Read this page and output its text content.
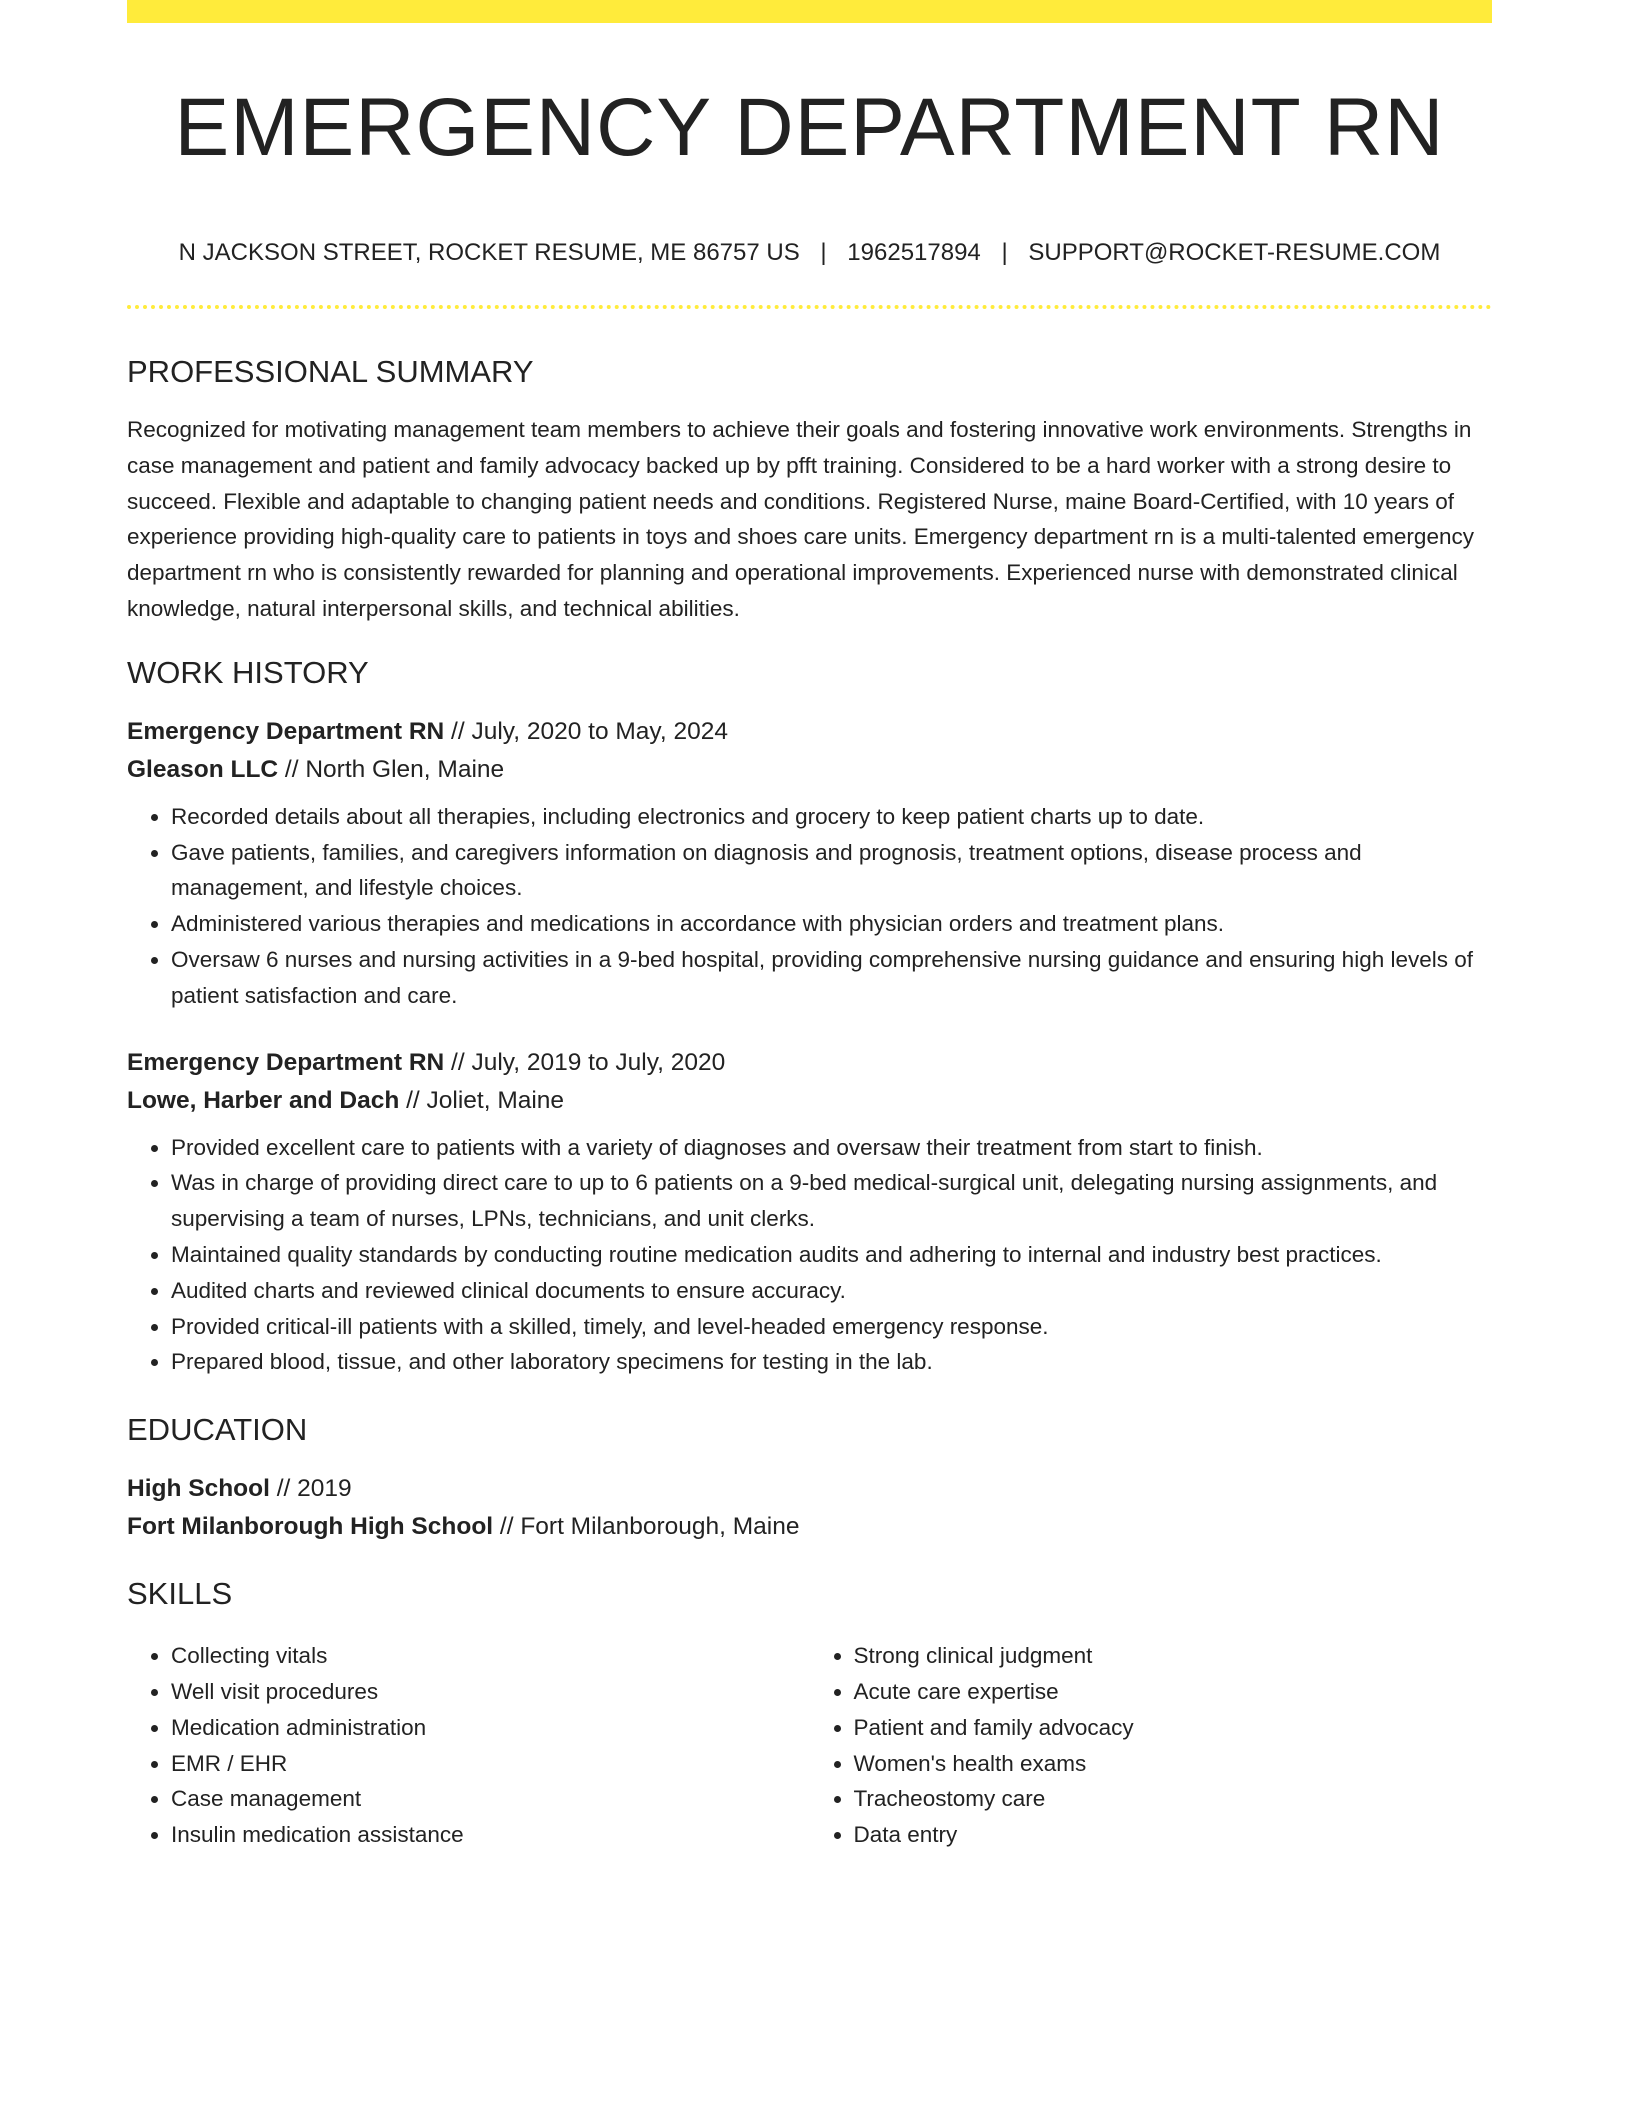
EMERGENCY DEPARTMENT RN
N JACKSON STREET, ROCKET RESUME, ME 86757 US | 1962517894 | SUPPORT@ROCKET-RESUME.COM
PROFESSIONAL SUMMARY

Recognized for motivating management team members to achieve their goals and fostering innovative work environments. Strengths in case management and patient and family advocacy backed up by pfft training. Considered to be a hard worker with a strong desire to succeed. Flexible and adaptable to changing patient needs and conditions. Registered Nurse, maine Board-Certified, with 10 years of experience providing high-quality care to patients in toys and shoes care units. Emergency department rn is a multi-talented emergency department rn who is consistently rewarded for planning and operational improvements. Experienced nurse with demonstrated clinical knowledge, natural interpersonal skills, and technical abilities.

WORK HISTORY

Emergency Department RN // July, 2020 to May, 2024

Gleason LLC // North Glen, Maine

• Recorded details about all therapies, including electronics and grocery to keep patient charts up to date.
• Gave patients, families, and caregivers information on diagnosis and prognosis, treatment options, disease process and management, and lifestyle choices.
• Administered various therapies and medications in accordance with physician orders and treatment plans.
• Oversaw 6 nurses and nursing activities in a 9-bed hospital, providing comprehensive nursing guidance and ensuring high levels of patient satisfaction and care.

Emergency Department RN // July, 2019 to July, 2020

Lowe, Harber and Dach // Joliet, Maine

• Provided excellent care to patients with a variety of diagnoses and oversaw their treatment from start to finish.
• Was in charge of providing direct care to up to 6 patients on a 9-bed medical-surgical unit, delegating nursing assignments, and supervising a team of nurses, LPNs, technicians, and unit clerks.
• Maintained quality standards by conducting routine medication audits and adhering to internal and industry best practices.
• Audited charts and reviewed clinical documents to ensure accuracy.
• Provided critical-ill patients with a skilled, timely, and level-headed emergency response.
• Prepared blood, tissue, and other laboratory specimens for testing in the lab.
EDUCATION

High School // 2019

Fort Milanborough High School // Fort Milanborough, Maine

SKILLS
• Collecting vitals
• Well visit procedures
• Medication administration
• EMR / EHR
• Case management
• Insulin medication assistance
• Strong clinical judgment
• Acute care expertise
• Patient and family advocacy
• Women's health exams
• Tracheostomy care
• Data entry
